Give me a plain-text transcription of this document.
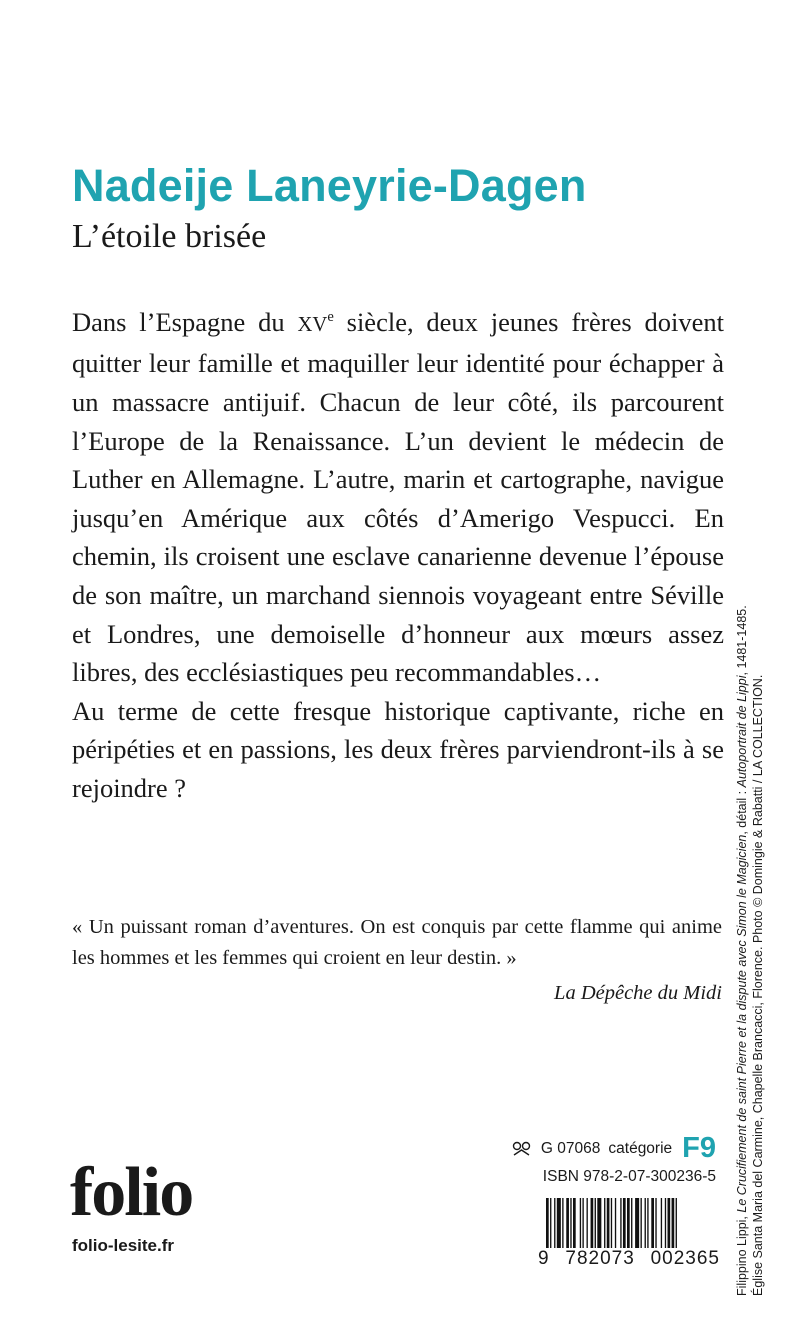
Nadeije Laneyrie-Dagen
L’étoile brisée

Dans l’Espagne du XVe siècle, deux jeunes frères doivent quitter leur famille et maquiller leur identité pour échapper à un massacre antijuif. Chacun de leur côté, ils parcourent l’Europe de la Renaissance. L’un devient le médecin de Luther en Allemagne. L’autre, marin et cartographe, navigue jusqu’en Amérique aux côtés d’Amerigo Vespucci. En chemin, ils croisent une esclave canarienne devenue l’épouse de son maître, un marchand siennois voyageant entre Séville et Londres, une demoiselle d’honneur aux mœurs assez libres, des ecclésiastiques peu recommandables…

Au terme de cette fresque historique captivante, riche en péripéties et en passions, les deux frères parviendront-ils à se rejoindre ?

« Un puissant roman d’aventures. On est conquis par cette flamme qui anime les hommes et les femmes qui croient en leur destin. »

La Dépêche du Midi

G 07068 catégorie F9
ISBN 978-2-07-300236-5
9 782073 002365
folio
folio-lesite.fr	Filippino Lippi, Le Crucifiement de saint Pierre et la dispute avec Simon le Magicien, détail : Autoportrait de Lippi, 1481-1485.
Église Santa Maria del Carmine, Chapelle Brancacci, Florence. Photo © Domingie & Rabatti / LA COLLECTION.
